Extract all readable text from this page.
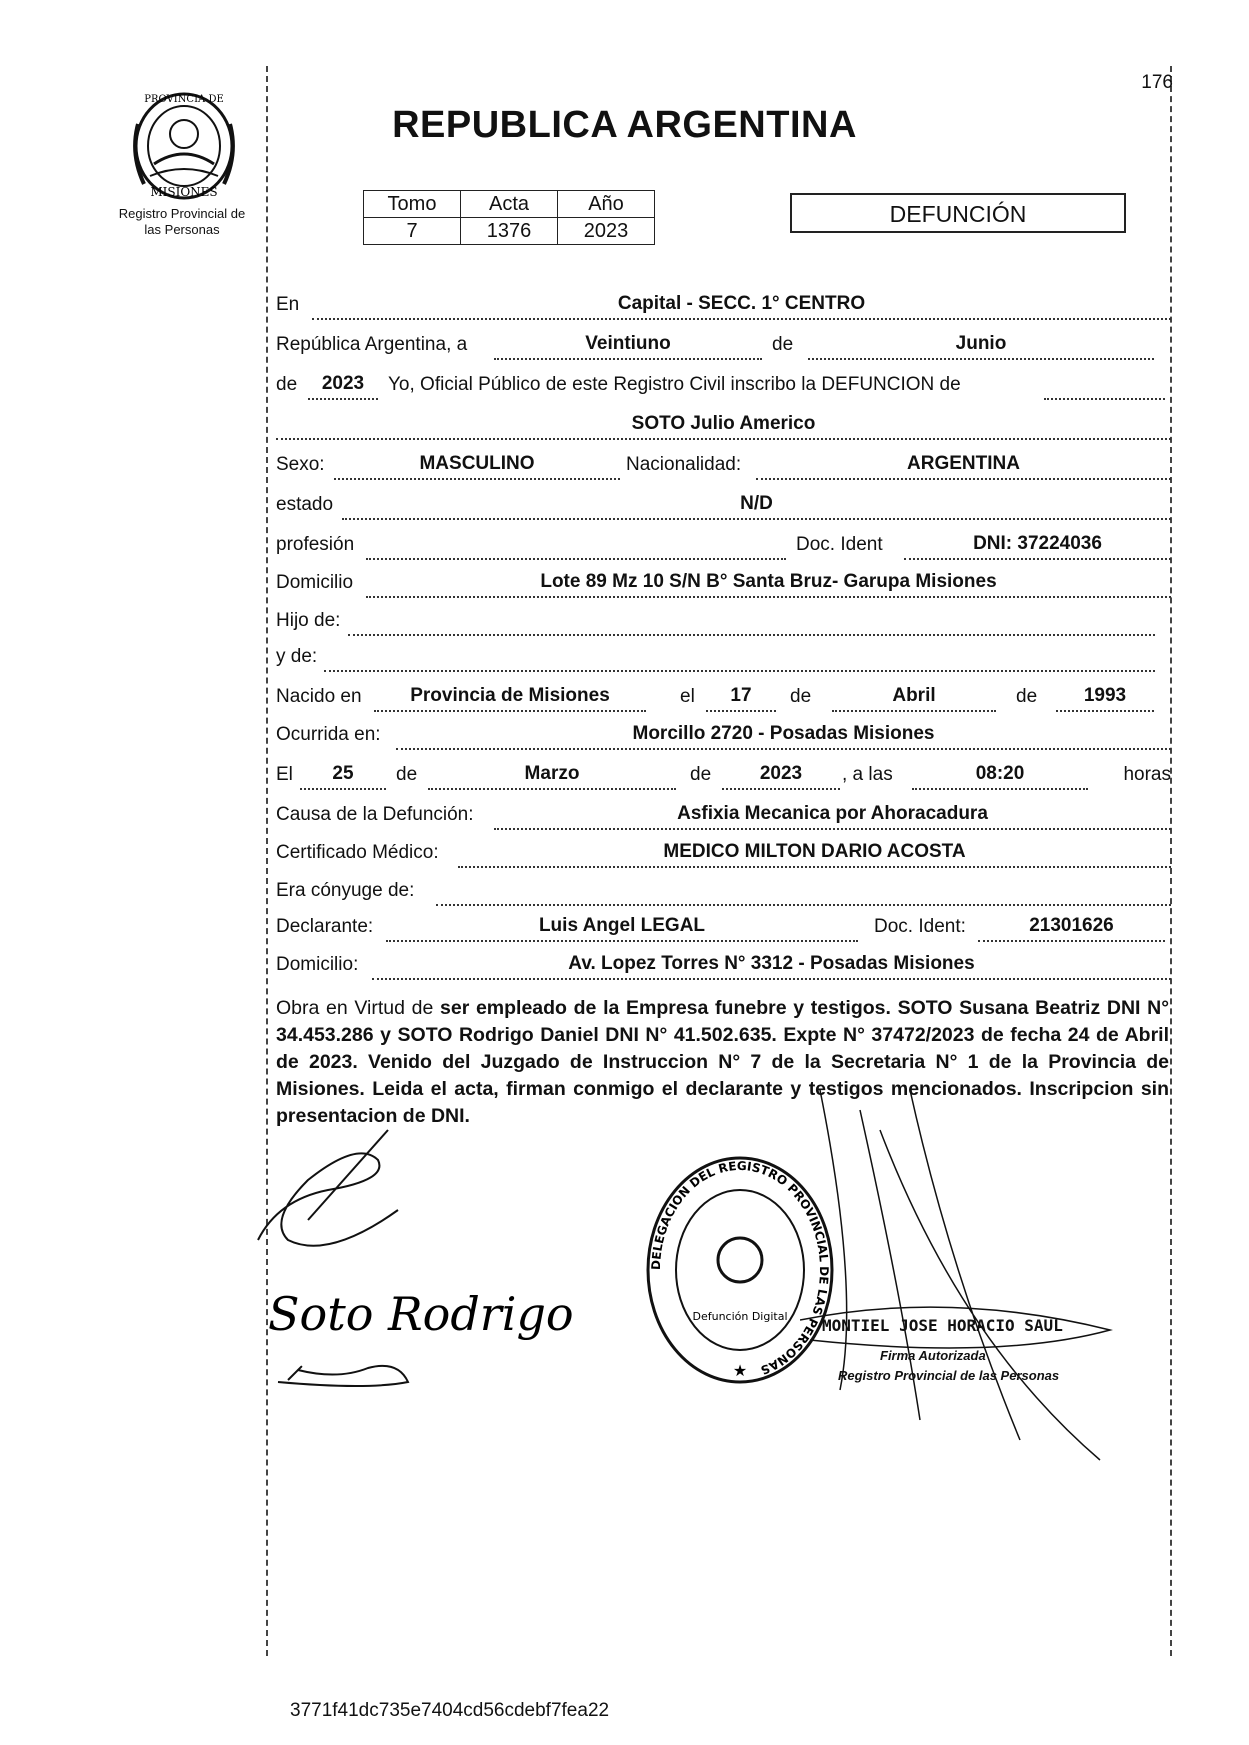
176
PROVINCIA DE
MISIONES
Registro Provincial de
las Personas
REPUBLICA ARGENTINA
Tomo	Acta	Año
7	1376	2023
DEFUNCIÓN
En	Capital - SECC. 1° CENTRO
República Argentina, a	Veintiuno	de	Junio
de	2023	Yo, Oficial Público de este Registro Civil inscribo la DEFUNCION de
SOTO Julio Americo
Sexo:	MASCULINO	Nacionalidad:	ARGENTINA
estado	N/D
profesión	Doc. Ident	DNI: 37224036
Domicilio	Lote 89 Mz 10 S/N B° Santa Bruz- Garupa Misiones
Hijo de:
y de:
Nacido en	Provincia de Misiones	el	17	de	Abril	de	1993
Ocurrida en:	Morcillo 2720 - Posadas Misiones
El	25	de	Marzo	de	2023	, a las	08:20	horas
Causa de la Defunción:	Asfixia Mecanica por Ahoracadura
Certificado Médico:	MEDICO MILTON DARIO ACOSTA
Era cónyuge de:
Declarante:	Luis Angel LEGAL	Doc. Ident:	21301626
Domicilio:	Av. Lopez Torres N° 3312 - Posadas Misiones
Obra en Virtud de ser empleado de la Empresa funebre y testigos. SOTO Susana Beatriz DNI N° 34.453.286 y SOTO Rodrigo Daniel DNI N° 41.502.635. Expte N° 37472/2023 de fecha 24 de Abril de 2023. Venido del Juzgado de Instruccion N° 7 de la Secretaria N° 1 de la Provincia de Misiones. Leida el acta, firman conmigo el declarante y testigos mencionados. Inscripcion sin presentacion de DNI.
Soto Rodrigo
DELEGACION DEL REGISTRO PROVINCIAL DE LAS PERSONAS
Defunción Digital
★
MONTIEL JOSE HORACIO SAUL
Firma Autorizada
Registro Provincial de las Personas
3771f41dc735e7404cd56cdebf7fea22
